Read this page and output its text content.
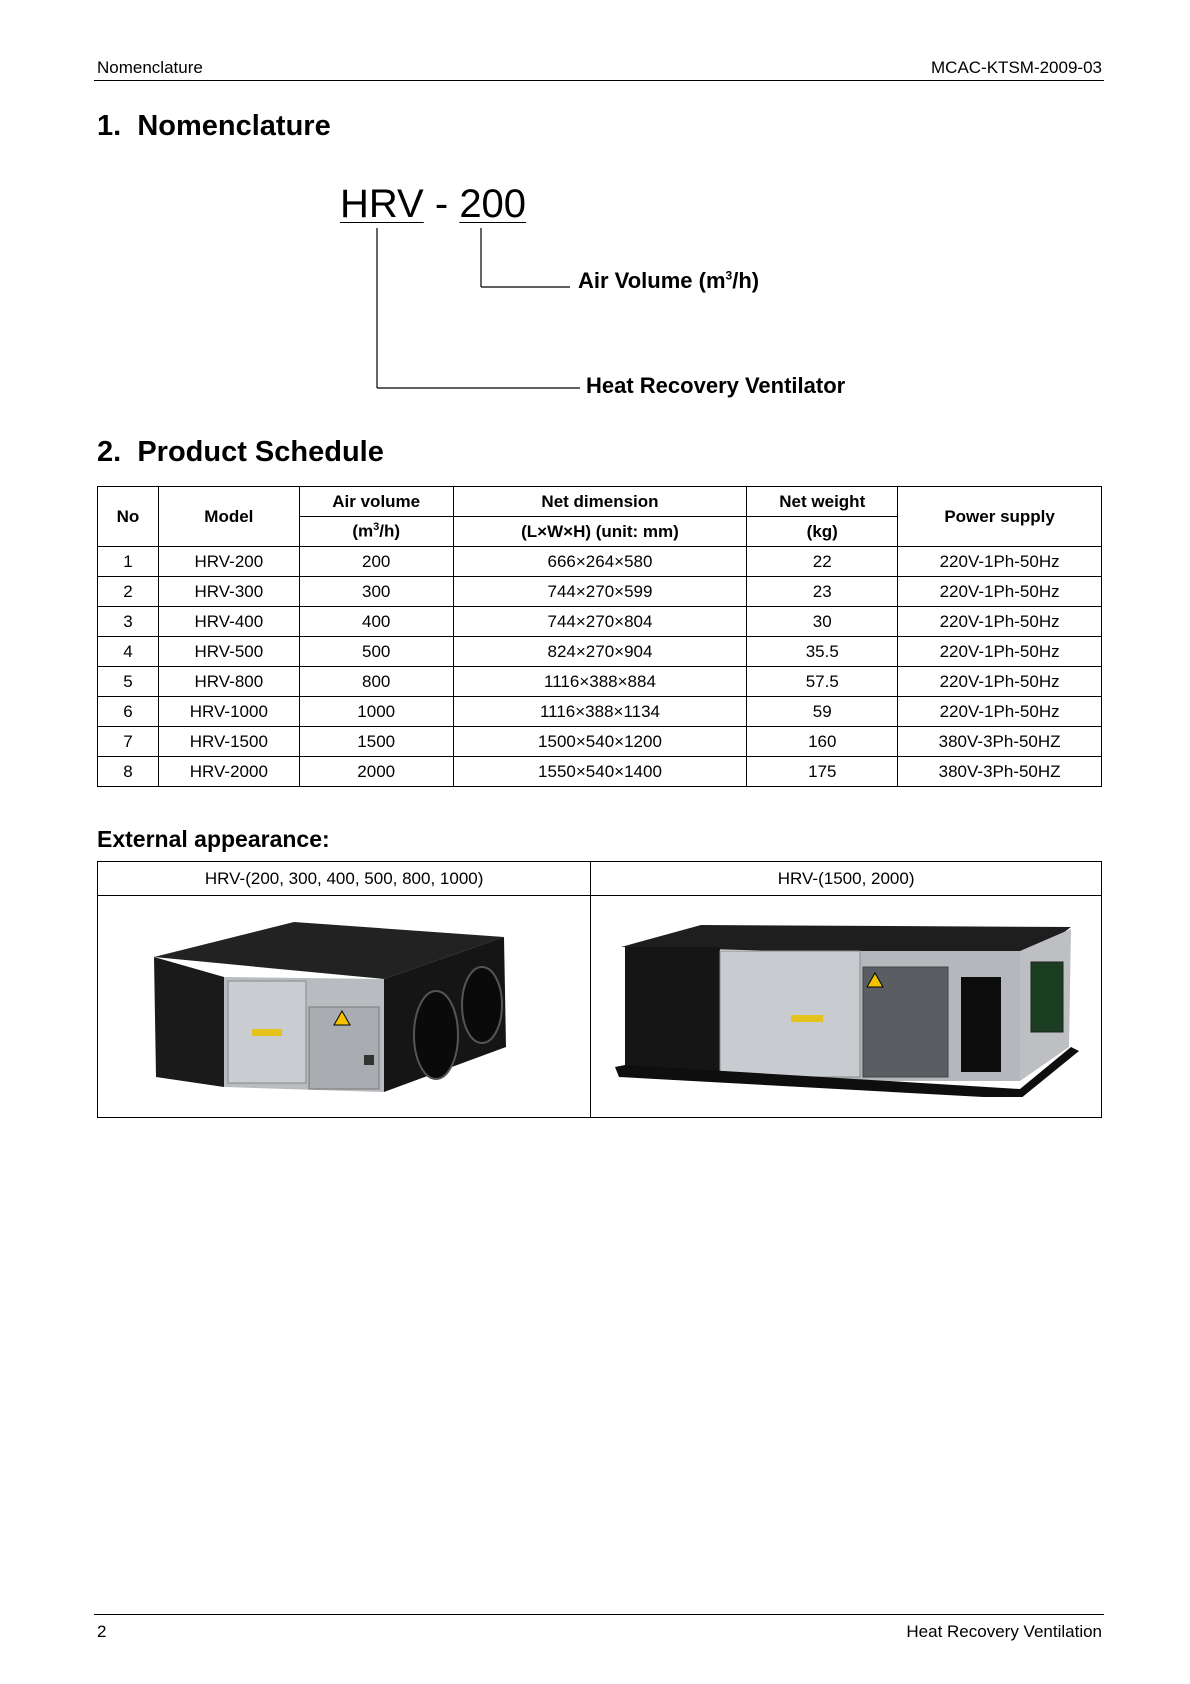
Nomenclature	MCAC-KTSM-2009-03
1. Nomenclature
HRV - 200
Air Volume $(m^3/h)$
Heat Recovery Ventilator
2. Product Schedule
No	Model	Air volume	Net dimension	Net weight	Power supply
		$(m^3/h)$	(L×W×H) (unit: mm)	(kg)	
1	HRV-200	200	666×264×580	22	220V-1Ph-50Hz
2	HRV-300	300	744×270×599	23	220V-1Ph-50Hz
3	HRV-400	400	744×270×804	30	220V-1Ph-50Hz
4	HRV-500	500	824×270×904	35.5	220V-1Ph-50Hz
5	HRV-800	800	1116×388×884	57.5	220V-1Ph-50Hz
6	HRV-1000	1000	1116×388×1134	59	220V-1Ph-50Hz
7	HRV-1500	1500	1500×540×1200	160	380V-3Ph-50HZ
8	HRV-2000	2000	1550×540×1400	175	380V-3Ph-50HZ
External appearance:
HRV-(200, 300, 400, 500, 800, 1000)	HRV-(1500, 2000)

2	Heat Recovery Ventilation
